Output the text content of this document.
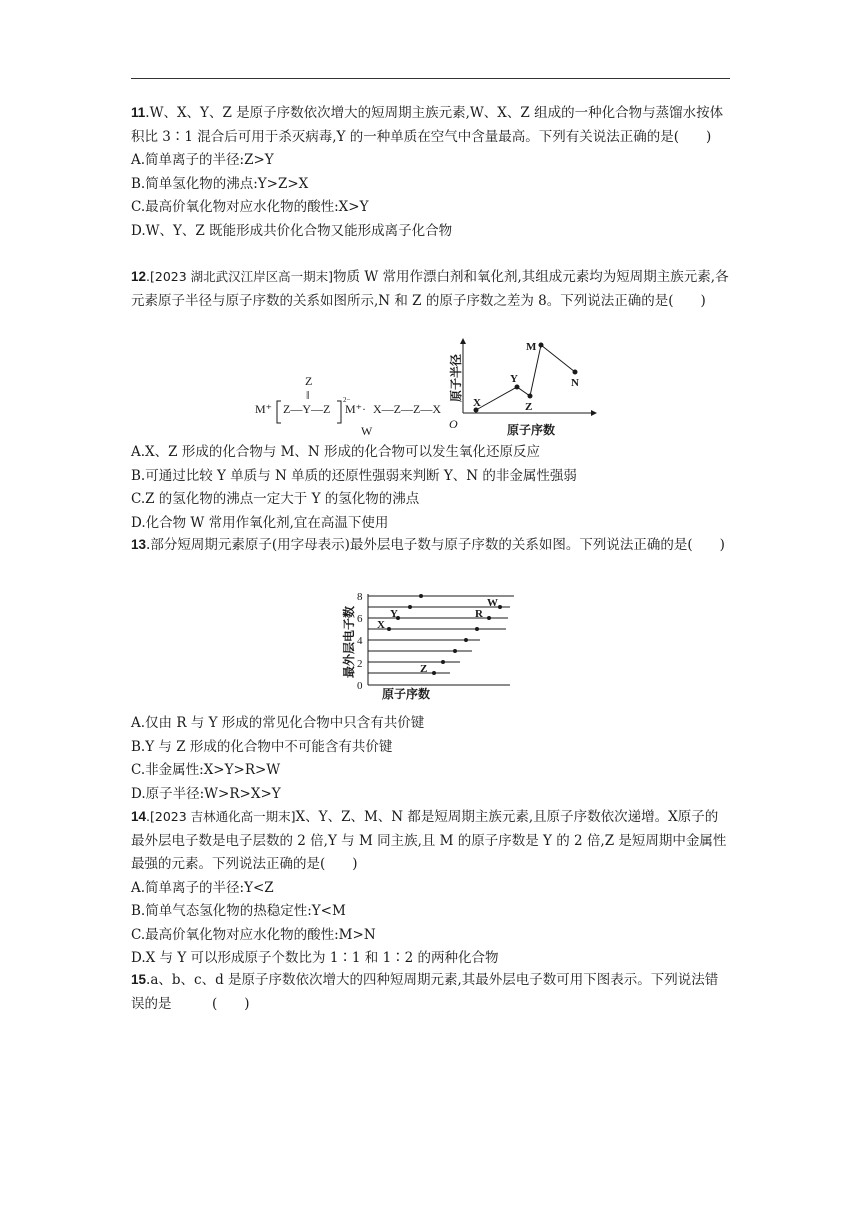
11.W、X、Y、Z 是原子序数依次增大的短周期主族元素,W、X、Z 组成的一种化合物与蒸馏水按体积比 3∶1 混合后可用于杀灭病毒,Y 的一种单质在空气中含量最高。下列有关说法正确的是(　　)

A.简单离子的半径:Z>Y

B.简单氢化物的沸点:Y>Z>X

C.最高价氧化物对应水化物的酸性:X>Y

D.W、Y、Z 既能形成共价化合物又能形成离子化合物

12.[2023 湖北武汉江岸区高一期末]物质 W 常用作漂白剂和氧化剂,其组成元素均为短周期主族元素,各元素原子半径与原子序数的关系如图所示,N 和 Z 的原子序数之差为 8。下列说法正确的是(　　)

M⁺
Z
‖
Z—Y—Z
2−
M⁺· X—Z—Z—X
W	O	原子序数
原子半径
X
Y
Z
M
N

A.X、Z 形成的化合物与 M、N 形成的化合物可以发生氧化还原反应

B.可通过比较 Y 单质与 N 单质的还原性强弱来判断 Y、N 的非金属性强弱

C.Z 的氢化物的沸点一定大于 Y 的氢化物的沸点

D.化合物 W 常用作氧化剂,宜在高温下使用

13.部分短周期元素原子(用字母表示)最外层电子数与原子序数的关系如图。下列说法正确的是(　　)

最外层电子数
原子序数
0
2
4
6
8
X
Y
Z
R
W

A.仅由 R 与 Y 形成的常见化合物中只含有共价键

B.Y 与 Z 形成的化合物中不可能含有共价键

C.非金属性:X>Y>R>W

D.原子半径:W>R>X>Y

14.[2023 吉林通化高一期末]X、Y、Z、M、N 都是短周期主族元素,且原子序数依次递增。X原子的最外层电子数是电子层数的 2 倍,Y 与 M 同主族,且 M 的原子序数是 Y 的 2 倍,Z 是短周期中金属性最强的元素。下列说法正确的是(　　)

A.简单离子的半径:Y<Z

B.简单气态氢化物的热稳定性:Y<M

C.最高价氧化物对应水化物的酸性:M>N

D.X 与 Y 可以形成原子个数比为 1∶1 和 1∶2 的两种化合物

15.a、b、c、d 是原子序数依次增大的四种短周期元素,其最外层电子数可用下图表示。下列说法错误的是　　　(　　)
